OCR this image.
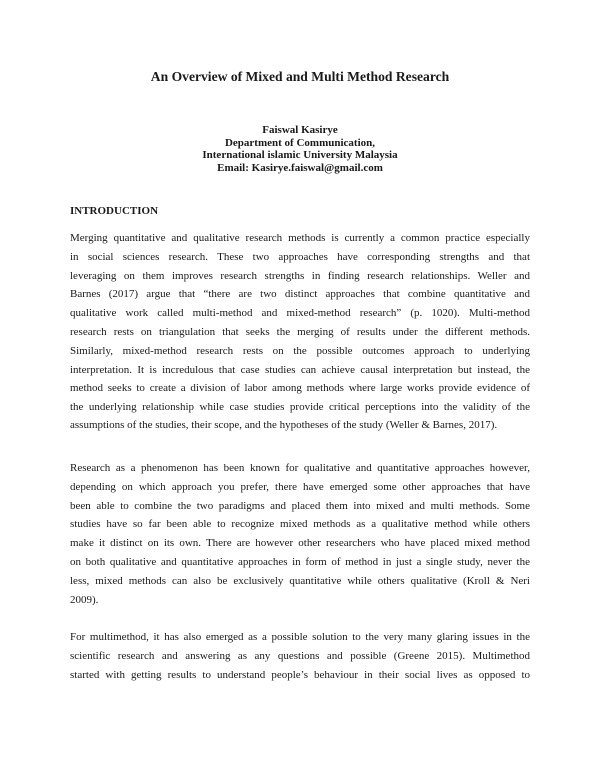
An Overview of Mixed and Multi Method Research
Faiswal Kasirye
Department of Communication,
International islamic University Malaysia
Email: Kasirye.faiswal@gmail.com
INTRODUCTION
Merging quantitative and qualitative research methods is currently a common practice especially
in social sciences research. These two approaches have corresponding strengths and that
leveraging on them improves research strengths in finding research relationships. Weller and
Barnes (2017) argue that “there are two distinct approaches that combine quantitative and
qualitative work called multi-method and mixed-method research” (p. 1020). Multi-method
research rests on triangulation that seeks the merging of results under the different methods.
Similarly, mixed-method research rests on the possible outcomes approach to underlying
interpretation. It is incredulous that case studies can achieve causal interpretation but instead, the
method seeks to create a division of labor among methods where large works provide evidence of
the underlying relationship while case studies provide critical perceptions into the validity of the
assumptions of the studies, their scope, and the hypotheses of the study (Weller & Barnes, 2017).
Research as a phenomenon has been known for qualitative and quantitative approaches however,
depending on which approach you prefer, there have emerged some other approaches that have
been able to combine the two paradigms and placed them into mixed and multi methods. Some
studies have so far been able to recognize mixed methods as a qualitative method while others
make it distinct on its own. There are however other researchers who have placed mixed method
on both qualitative and quantitative approaches in form of method in just a single study, never the
less, mixed methods can also be exclusively quantitative while others qualitative (Kroll & Neri
2009).
For multimethod, it has also emerged as a possible solution to the very many glaring issues in the
scientific research and answering as any questions and possible (Greene 2015). Multimethod
started with getting results to understand people’s behaviour in their social lives as opposed to
